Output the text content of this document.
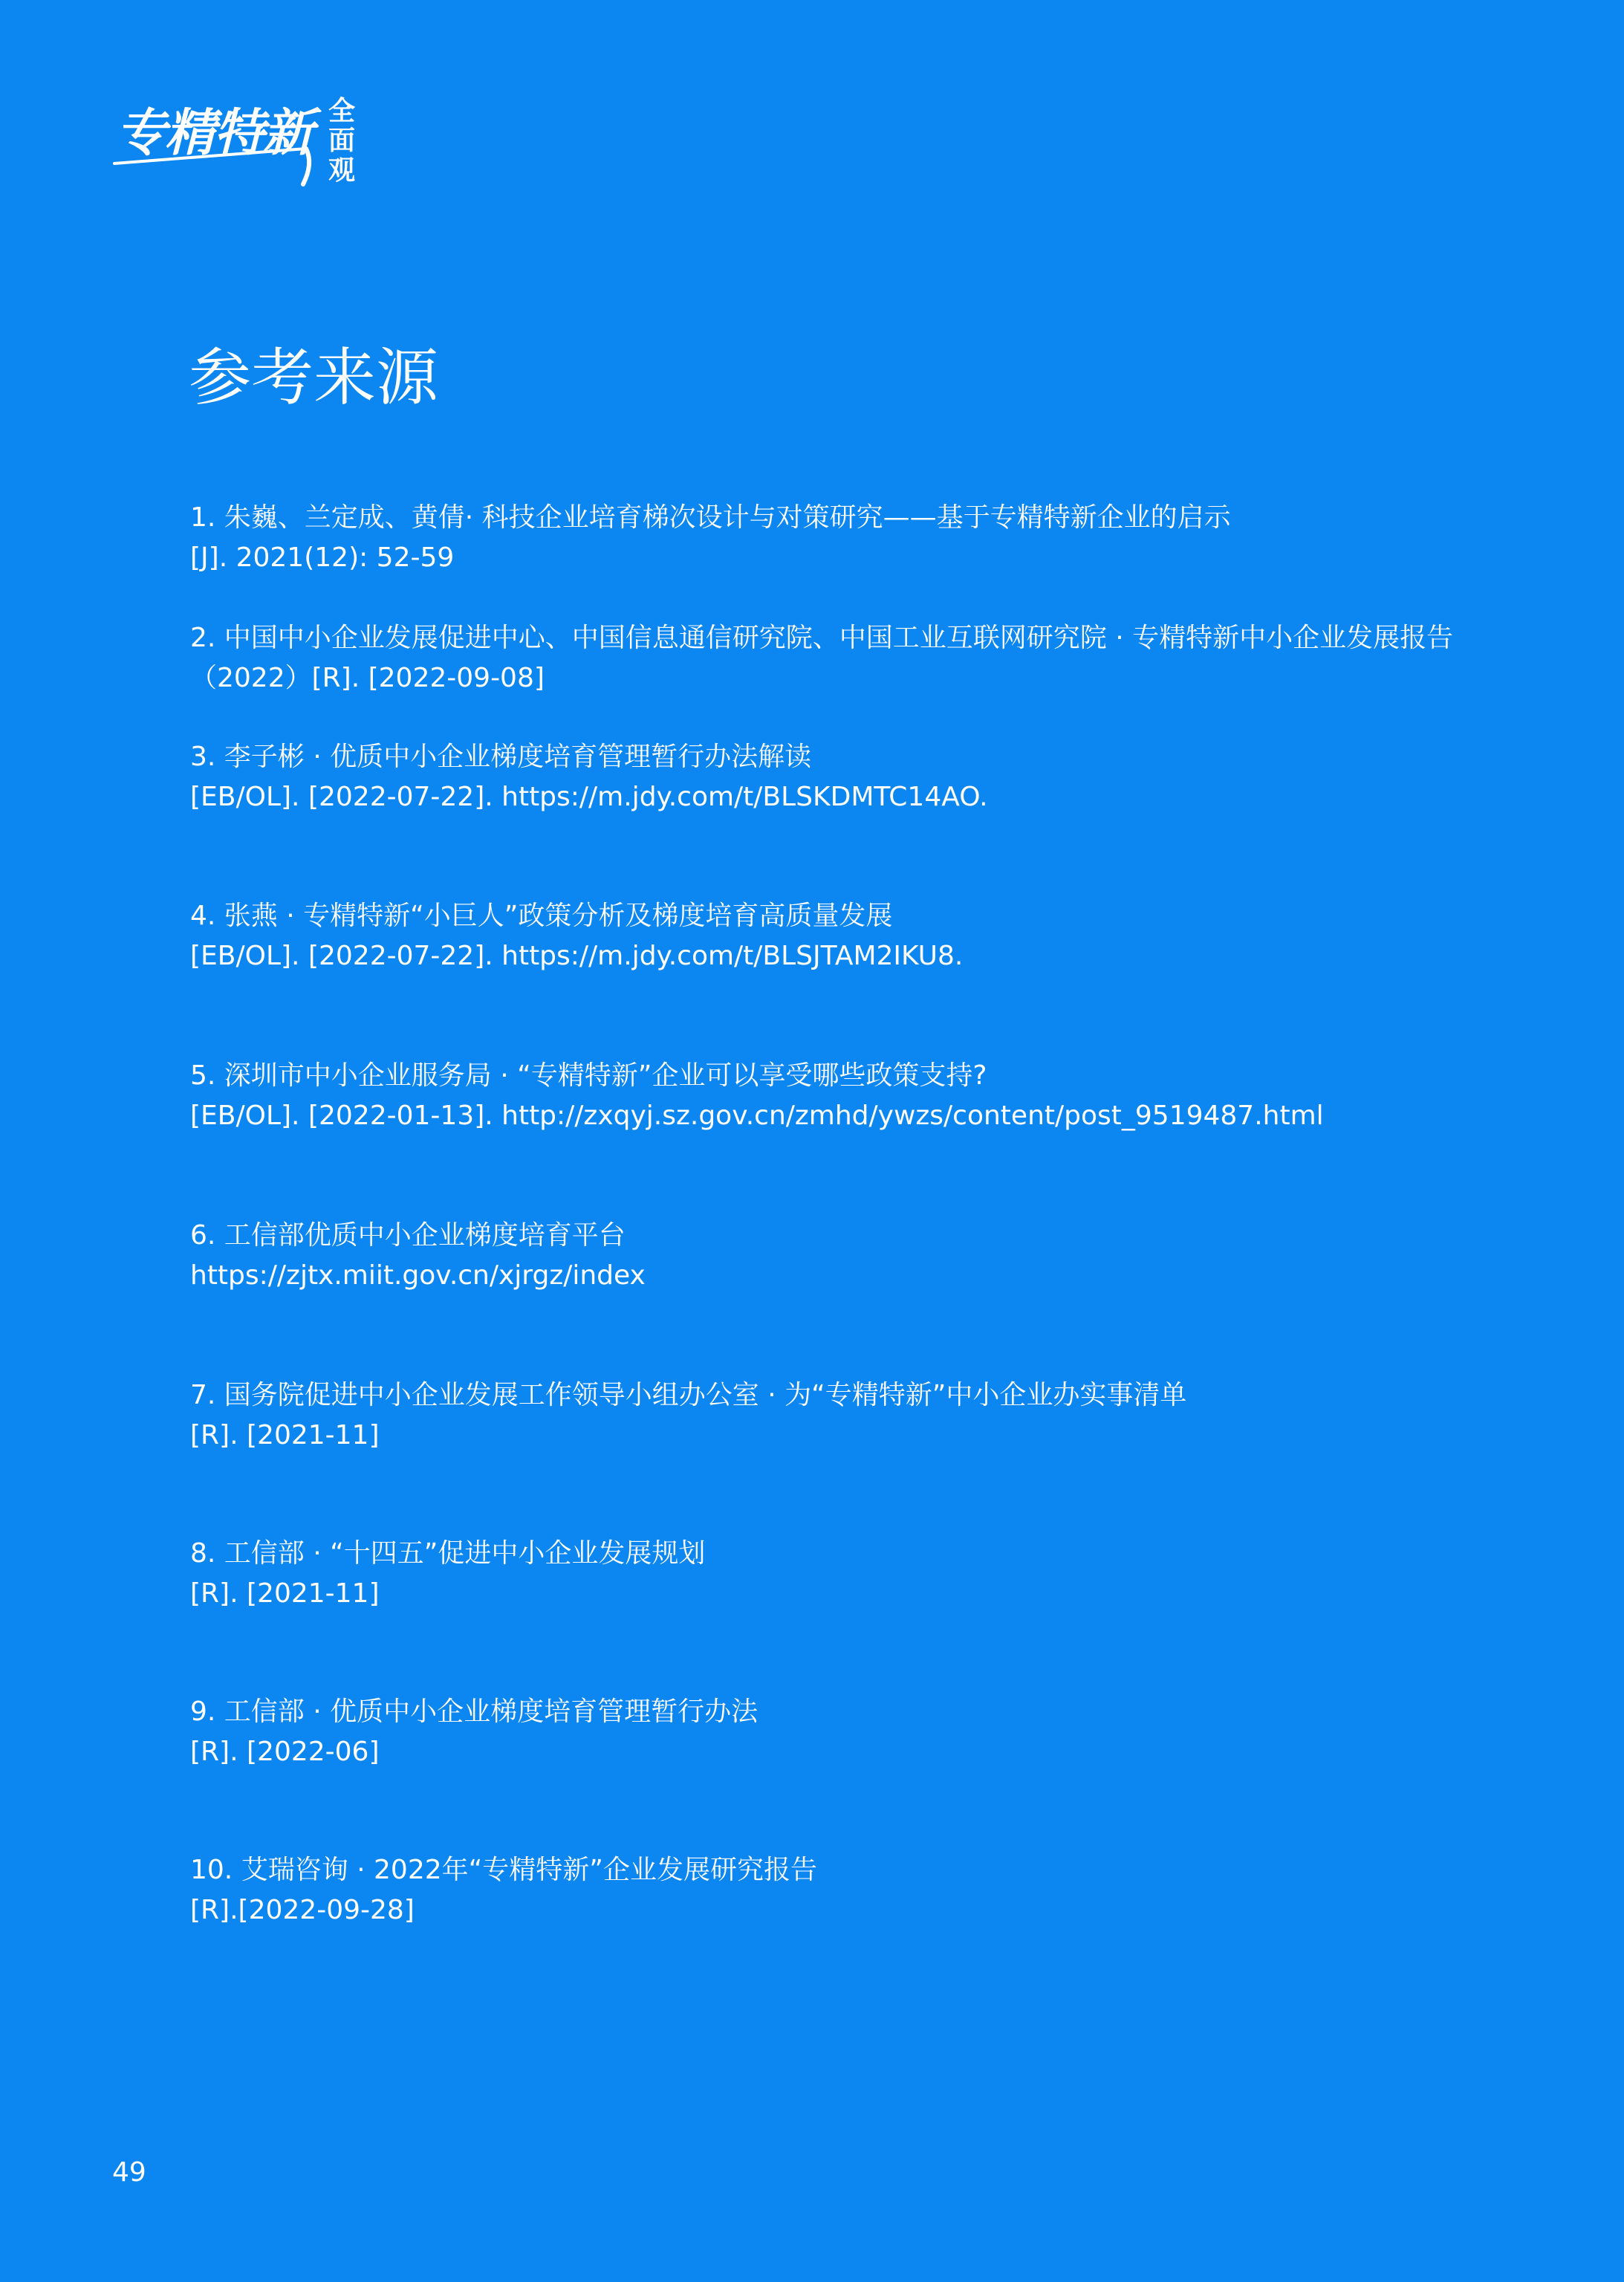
专精特新 全
面
观
参考来源
1. 朱巍、兰定成、黄倩· 科技企业培育梯次设计与对策研究——基于专精特新企业的启示
[J]. 2021(12): 52-59
2. 中国中小企业发展促进中心、中国信息通信研究院、中国工业互联网研究院 · 专精特新中小企业发展报告
（2022）[R]. [2022-09-08]
3. 李子彬 · 优质中小企业梯度培育管理暂行办法解读
[EB/OL]. [2022-07-22]. https://m.jdy.com/t/BLSKDMTC14AO.
4. 张燕 · 专精特新“小巨人”政策分析及梯度培育高质量发展
[EB/OL]. [2022-07-22]. https://m.jdy.com/t/BLSJTAM2IKU8.
5. 深圳市中小企业服务局 · “专精特新”企业可以享受哪些政策支持?
[EB/OL]. [2022-01-13]. http://zxqyj.sz.gov.cn/zmhd/ywzs/content/post_9519487.html
6. 工信部优质中小企业梯度培育平台
https://zjtx.miit.gov.cn/xjrgz/index
7. 国务院促进中小企业发展工作领导小组办公室 · 为“专精特新”中小企业办实事清单
[R]. [2021-11]
8. 工信部 · “十四五”促进中小企业发展规划
[R]. [2021-11]
9. 工信部 · 优质中小企业梯度培育管理暂行办法
[R]. [2022-06]
10. 艾瑞咨询 · 2022年“专精特新”企业发展研究报告
[R].[2022-09-28]
49
